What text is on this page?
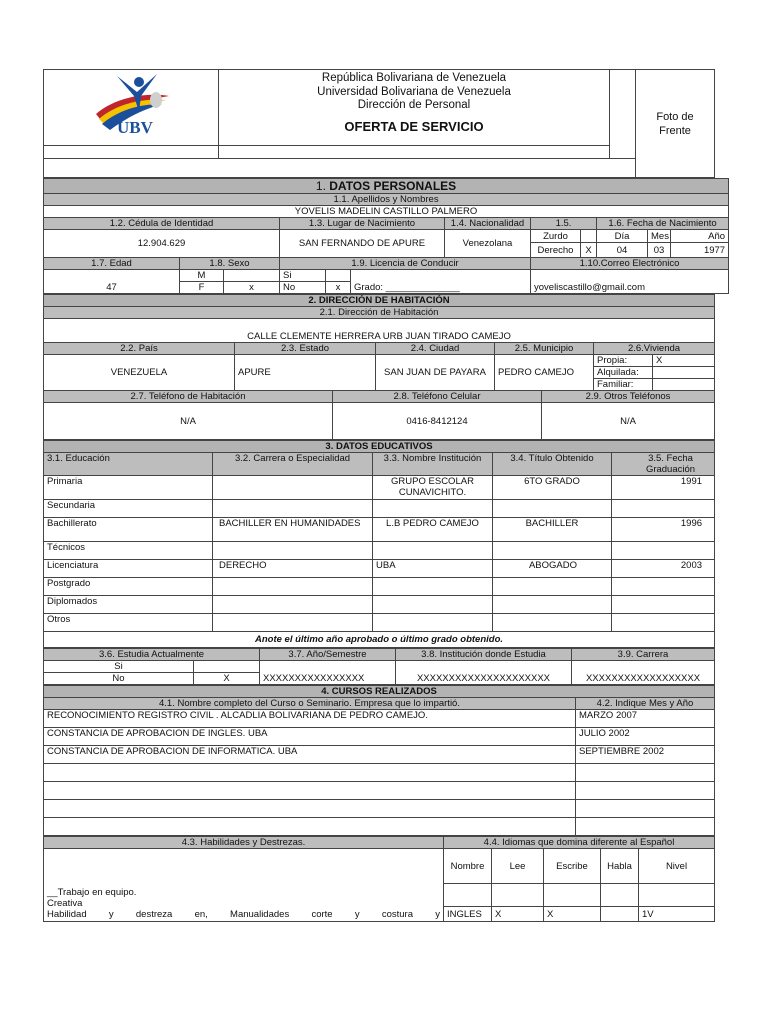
UBV	República Bolivariana de Venezuela
Universidad Bolivariana de Venezuela
Dirección de Personal
OFERTA DE SERVICIO		Foto de Frente

1. DATOS PERSONALES											
1.1. Apellidos y Nombres											
YOVELIS MADELIN CASTILLO PALMERO											
1.2. Cédula de Identidad			1.3. Lugar de Nacimiento			1.4. Nacionalidad	1.5.		1.6. Fecha de Nacimiento		
12.904.629			SAN FERNANDO DE APURE			Venezolana	Zurdo		Día	Mes	Año
							Derecho	X	04	03	1977
1.7. Edad	1.8. Sexo		1.9. Licencia de Conducir				1.10.Correo Electrónico				
47	M		Si		Grado: ______________		yoveliscastillo@gmail.com				
	F	x	No	x							
2. DIRECCIÓN DE HABITACIÓN
2.1. Dirección de Habitación
CALLE CLEMENTE HERRERA URB JUAN TIRADO CAMEJO
2.2. País	2.3. Estado	2.4. Ciudad	2.5. Municipio	2.6.Vivienda
VENEZUELA	APURE	SAN JUAN DE PAYARA	PEDRO CAMEJO	
Propia:	X

Alquilada:	

Familiar:	

2.7. Teléfono de Habitación	2.8. Teléfono Celular	2.9. Otros Teléfonos
N/A	0416-8412124	N/A
3. DATOS EDUCATIVOS				
3.1. Educación	3.2. Carrera o Especialidad	3.3. Nombre Institución	3.4. Título Obtenido	3.5. Fecha Graduación
Primaria		GRUPO ESCOLAR CUNAVICHITO.	6TO GRADO	1991
Secundaria				
Bachillerato	BACHILLER EN HUMANIDADES	L.B PEDRO CAMEJO	BACHILLER	1996
Técnicos				
Licenciatura	DERECHO	UBA	ABOGADO	2003
Postgrado				
Diplomados				
Otros				
Anote el último año aprobado o último grado obtenido.				
3.6. Estudia Actualmente		3.7. Año/Semestre	3.8. Institución donde Estudia	3.9. Carrera
Si		XXXXXXXXXXXXXXXX	XXXXXXXXXXXXXXXXXXXXX	XXXXXXXXXXXXXXXXXX
No	X			
4. CURSOS REALIZADOS	
4.1. Nombre completo del Curso o Seminario. Empresa que lo impartió.	4.2. Indique Mes y Año
RECONOCIMIENTO REGISTRO CIVIL . ALCADLIA BOLIVARIANA DE PEDRO CAMEJO.	MARZO 2007
CONSTANCIA DE APROBACION DE INGLES. UBA	JULIO 2002
CONSTANCIA DE APROBACION DE INFORMATICA. UBA	SEPTIEMBRE 2002

4.3. Habilidades y Destrezas.	4.4. Idiomas que domina diferente al Español				

__Trabajo en equipo.
Creativa
Habilidad y destreza en, Manualidades corte y costura y	Nombre	Lee	Escribe	Habla	Nivel

	INGLES	X	X		1V
